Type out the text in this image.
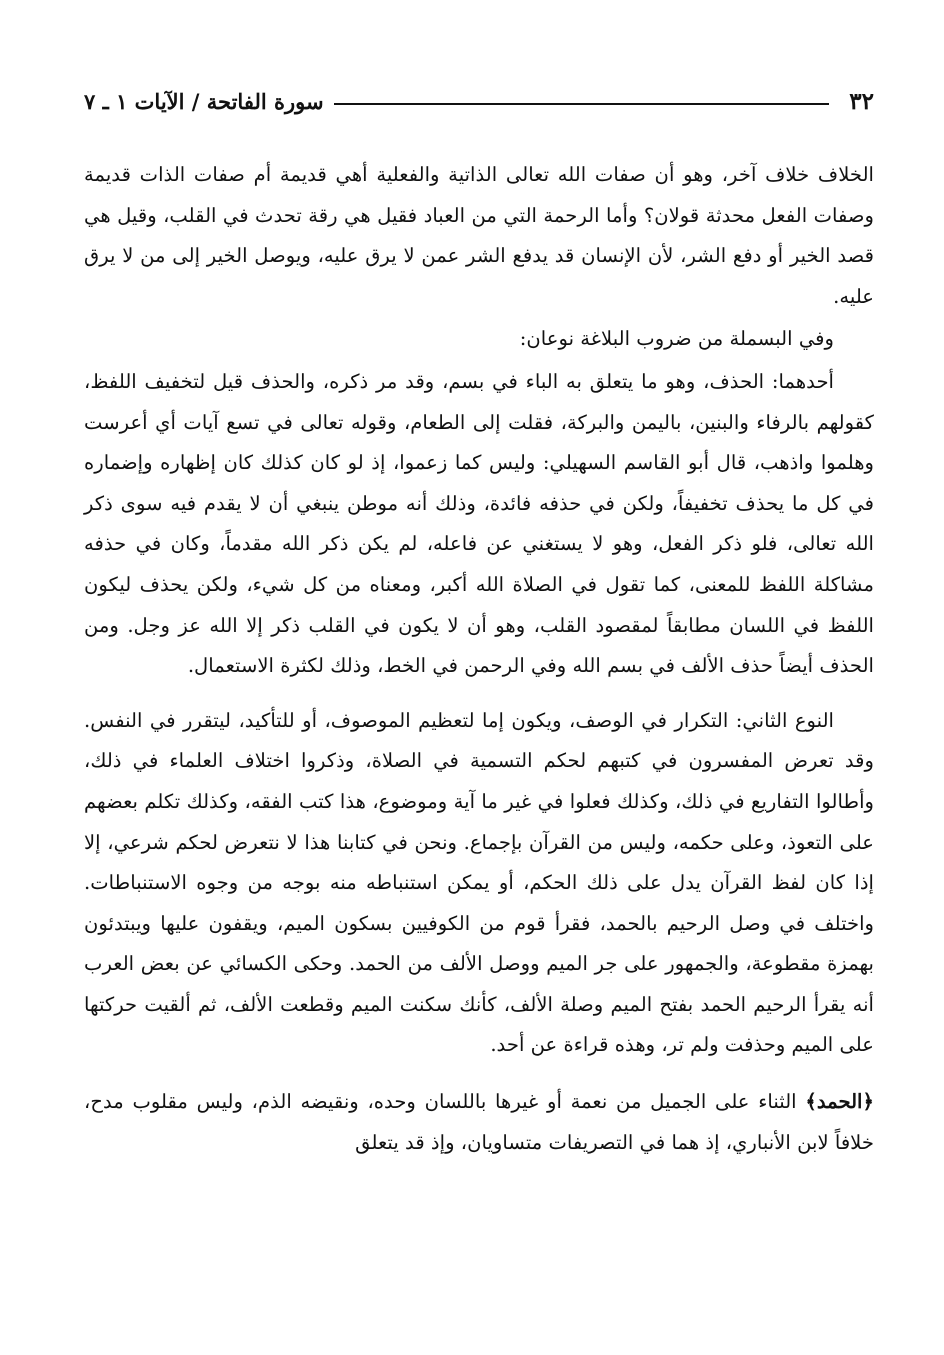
٣٢
سورة الفاتحة / الآيات ١ ـ ٧

الخلاف خلاف آخر، وهو أن صفات الله تعالى الذاتية والفعلية أهي قديمة أم صفات الذات قديمة وصفات الفعل محدثة قولان؟ وأما الرحمة التي من العباد فقيل هي رقة تحدث في القلب، وقيل هي قصد الخير أو دفع الشر، لأن الإنسان قد يدفع الشر عمن لا يرق عليه، ويوصل الخير إلى من لا يرق عليه.

وفي البسملة من ضروب البلاغة نوعان:

أحدهما: الحذف، وهو ما يتعلق به الباء في بسم، وقد مر ذكره، والحذف قيل لتخفيف اللفظ، كقولهم بالرفاء والبنين، باليمن والبركة، فقلت إلى الطعام، وقوله تعالى في تسع آيات أي أعرست وهلموا واذهب، قال أبو القاسم السهيلي: وليس كما زعموا، إذ لو كان كذلك كان إظهاره وإضماره في كل ما يحذف تخفيفاً، ولكن في حذفه فائدة، وذلك أنه موطن ينبغي أن لا يقدم فيه سوى ذكر الله تعالى، فلو ذكر الفعل، وهو لا يستغني عن فاعله، لم يكن ذكر الله مقدماً، وكان في حذفه مشاكلة اللفظ للمعنى، كما تقول في الصلاة الله أكبر، ومعناه من كل شيء، ولكن يحذف ليكون اللفظ في اللسان مطابقاً لمقصود القلب، وهو أن لا يكون في القلب ذكر إلا الله عز وجل. ومن الحذف أيضاً حذف الألف في بسم الله وفي الرحمن في الخط، وذلك لكثرة الاستعمال.

النوع الثاني: التكرار في الوصف، ويكون إما لتعظيم الموصوف، أو للتأكيد، ليتقرر في النفس. وقد تعرض المفسرون في كتبهم لحكم التسمية في الصلاة، وذكروا اختلاف العلماء في ذلك، وأطالوا التفاريع في ذلك، وكذلك فعلوا في غير ما آية وموضوع، هذا كتب الفقه، وكذلك تكلم بعضهم على التعوذ، وعلى حكمه، وليس من القرآن بإجماع. ونحن في كتابنا هذا لا نتعرض لحكم شرعي، إلا إذا كان لفظ القرآن يدل على ذلك الحكم، أو يمكن استنباطه منه بوجه من وجوه الاستنباطات. واختلف في وصل الرحيم بالحمد، فقرأ قوم من الكوفيين بسكون الميم، ويقفون عليها ويبتدئون بهمزة مقطوعة، والجمهور على جر الميم ووصل الألف من الحمد. وحكى الكسائي عن بعض العرب أنه يقرأ الرحيم الحمد بفتح الميم وصلة الألف، كأنك سكنت الميم وقطعت الألف، ثم ألقيت حركتها على الميم وحذفت ولم تر، وهذه قراءة عن أحد.

﴿الحمد﴾ الثناء على الجميل من نعمة أو غيرها باللسان وحده، ونقيضه الذم، وليس مقلوب مدح، خلافاً لابن الأنباري، إذ هما في التصريفات متساويان، وإذ قد يتعلق
